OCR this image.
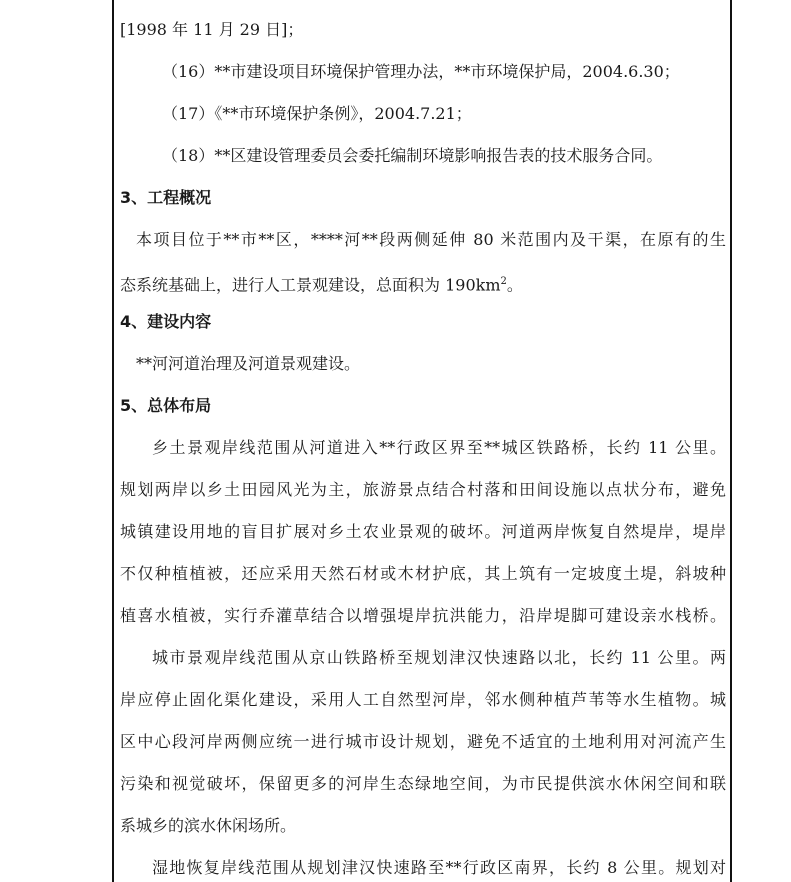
[1998 年 11 月 29 日]；
（16）**市建设项目环境保护管理办法，**市环境保护局，2004.6.30；
（17）《**市环境保护条例》，2004.7.21；
（18）**区建设管理委员会委托编制环境影响报告表的技术服务合同。
3、工程概况
本项目位于**市**区，****河**段两侧延伸 80 米范围内及干渠，在原有的生
态系统基础上，进行人工景观建设，总面积为 $190km^2$。
4、建设内容
**河河道治理及河道景观建设。
5、总体布局
乡土景观岸线范围从河道进入**行政区界至**城区铁路桥，长约 11 公里。
规划两岸以乡土田园风光为主，旅游景点结合村落和田间设施以点状分布，避免
城镇建设用地的盲目扩展对乡土农业景观的破坏。河道两岸恢复自然堤岸，堤岸
不仅种植植被，还应采用天然石材或木材护底，其上筑有一定坡度土堤，斜坡种
植喜水植被，实行乔灌草结合以增强堤岸抗洪能力，沿岸堤脚可建设亲水栈桥。
城市景观岸线范围从京山铁路桥至规划津汉快速路以北，长约 11 公里。两
岸应停止固化渠化建设，采用人工自然型河岸，邻水侧种植芦苇等水生植物。城
区中心段河岸两侧应统一进行城市设计规划，避免不适宜的土地利用对河流产生
污染和视觉破坏，保留更多的河岸生态绿地空间，为市民提供滨水休闲空间和联
系城乡的滨水休闲场所。
湿地恢复岸线范围从规划津汉快速路至**行政区南界，长约 8 公里。规划对
